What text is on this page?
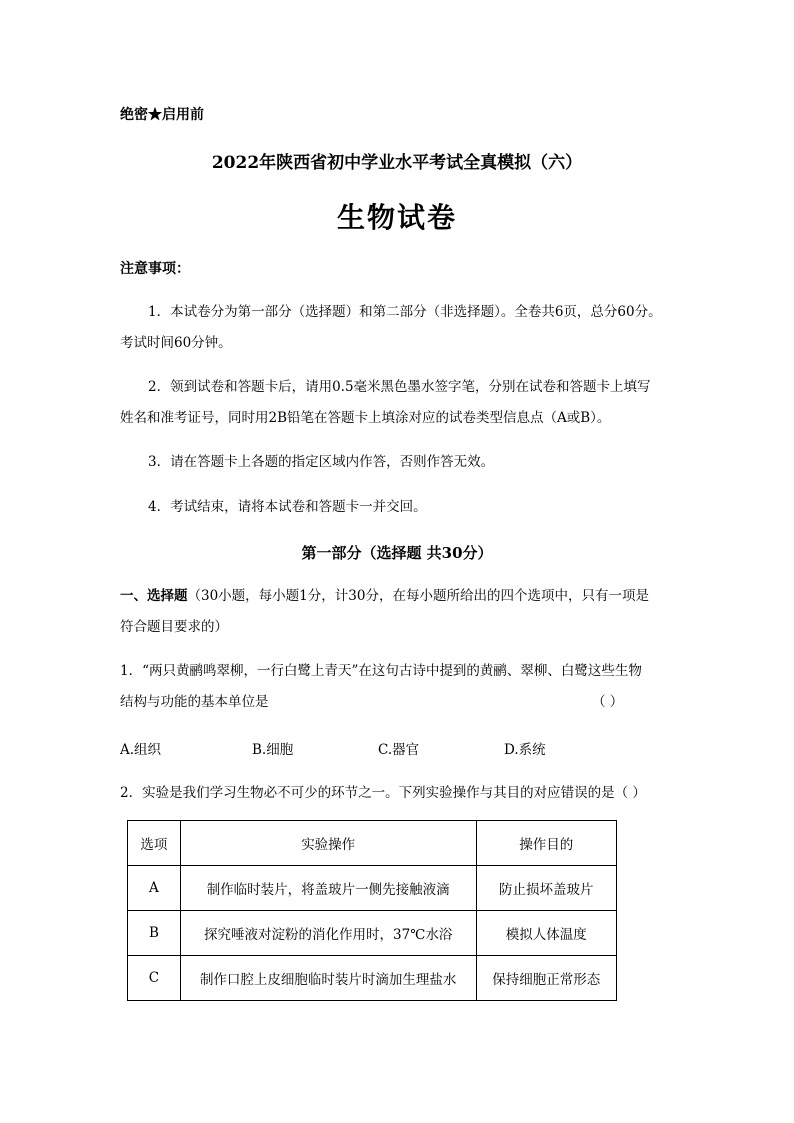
绝密★启用前
2022年陕西省初中学业水平考试全真模拟（六）
生物试卷
注意事项：
1．本试卷分为第一部分（选择题）和第二部分（非选择题）。全卷共6页，总分60分。
考试时间60分钟。
2．领到试卷和答题卡后，请用0.5毫米黑色墨水签字笔，分别在试卷和答题卡上填写
姓名和准考证号，同时用2B铅笔在答题卡上填涂对应的试卷类型信息点（A或B）。
3．请在答题卡上各题的指定区域内作答，否则作答无效。
4．考试结束，请将本试卷和答题卡一并交回。
第一部分（选择题 共30分）
一、选择题（30小题，每小题1分，计30分，在每小题所给出的四个选项中，只有一项是
符合题目要求的）
1．“两只黄鹂鸣翠柳，一行白鹭上青天”在这句古诗中提到的黄鹂、翠柳、白鹭这些生物
结构与功能的基本单位是	（ ）
A.组织	B.细胞	C.器官	D.系统
2．实验是我们学习生物必不可少的环节之一。下列实验操作与其目的对应错误的是（ ）
选项	实验操作	操作目的
A	制作临时装片，将盖玻片一侧先接触液滴	防止损坏盖玻片
B	探究唾液对淀粉的消化作用时，37℃水浴	模拟人体温度
C	制作口腔上皮细胞临时装片时滴加生理盐水	保持细胞正常形态
